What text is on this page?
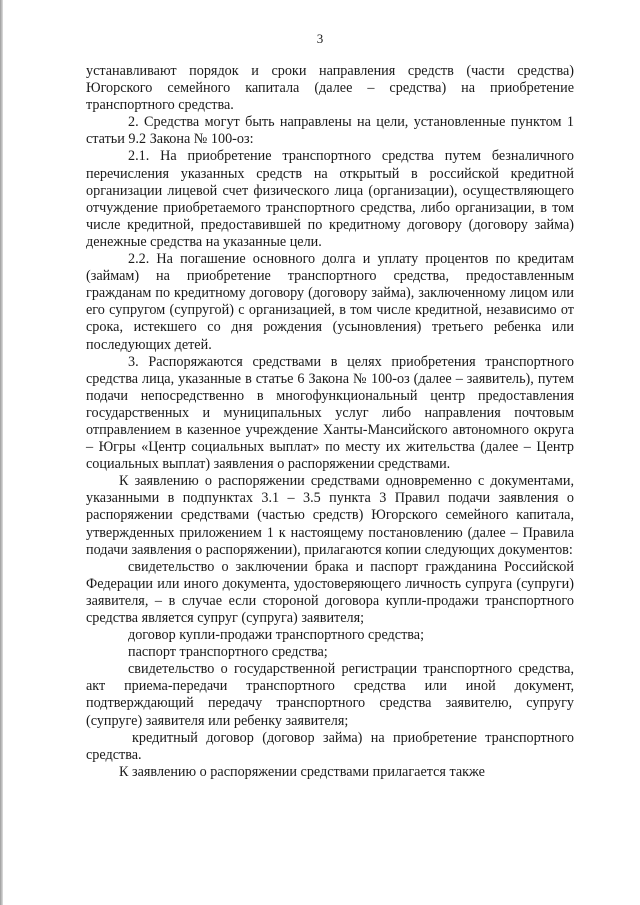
3

устанавливают порядок и сроки направления средств (части средства) Югорского семейного капитала (далее – средства) на приобретение транспортного средства.

2. Средства могут быть направлены на цели, установленные пунктом 1 статьи 9.2 Закона № 100-оз:

2.1. На приобретение транспортного средства путем безналичного перечисления указанных средств на открытый в российской кредитной организации лицевой счет физического лица (организации), осуществляющего отчуждение приобретаемого транспортного средства, либо организации, в том числе кредитной, предоставившей по кредитному договору (договору займа) денежные средства на указанные цели.

2.2. На погашение основного долга и уплату процентов по кредитам (займам) на приобретение транспортного средства, предоставленным гражданам по кредитному договору (договору займа), заключенному лицом или его супругом (супругой) с организацией, в том числе кредитной, независимо от срока, истекшего со дня рождения (усыновления) третьего ребенка или последующих детей.

3. Распоряжаются средствами в целях приобретения транспортного средства лица, указанные в статье 6 Закона № 100-оз (далее – заявитель), путем подачи непосредственно в многофункциональный центр предоставления государственных и муниципальных услуг либо направления почтовым отправлением в казенное учреждение Ханты-Мансийского автономного округа – Югры «Центр социальных выплат» по месту их жительства (далее – Центр социальных выплат) заявления о распоряжении средствами.

К заявлению о распоряжении средствами одновременно с документами, указанными в подпунктах 3.1 – 3.5 пункта 3 Правил подачи заявления о распоряжении средствами (частью средств) Югорского семейного капитала, утвержденных приложением 1 к настоящему постановлению (далее – Правила подачи заявления о распоряжении), прилагаются копии следующих документов:

свидетельство о заключении брака и паспорт гражданина Российской Федерации или иного документа, удостоверяющего личность супруга (супруги) заявителя, – в случае если стороной договора купли-продажи транспортного средства является супруг (супруга) заявителя;

договор купли-продажи транспортного средства;

паспорт транспортного средства;

свидетельство о государственной регистрации транспортного средства, акт приема-передачи транспортного средства или иной документ, подтверждающий передачу транспортного средства заявителю, супругу (супруге) заявителя или ребенку заявителя;

кредитный договор (договор займа) на приобретение транспортного средства.

К заявлению о распоряжении средствами прилагается также
